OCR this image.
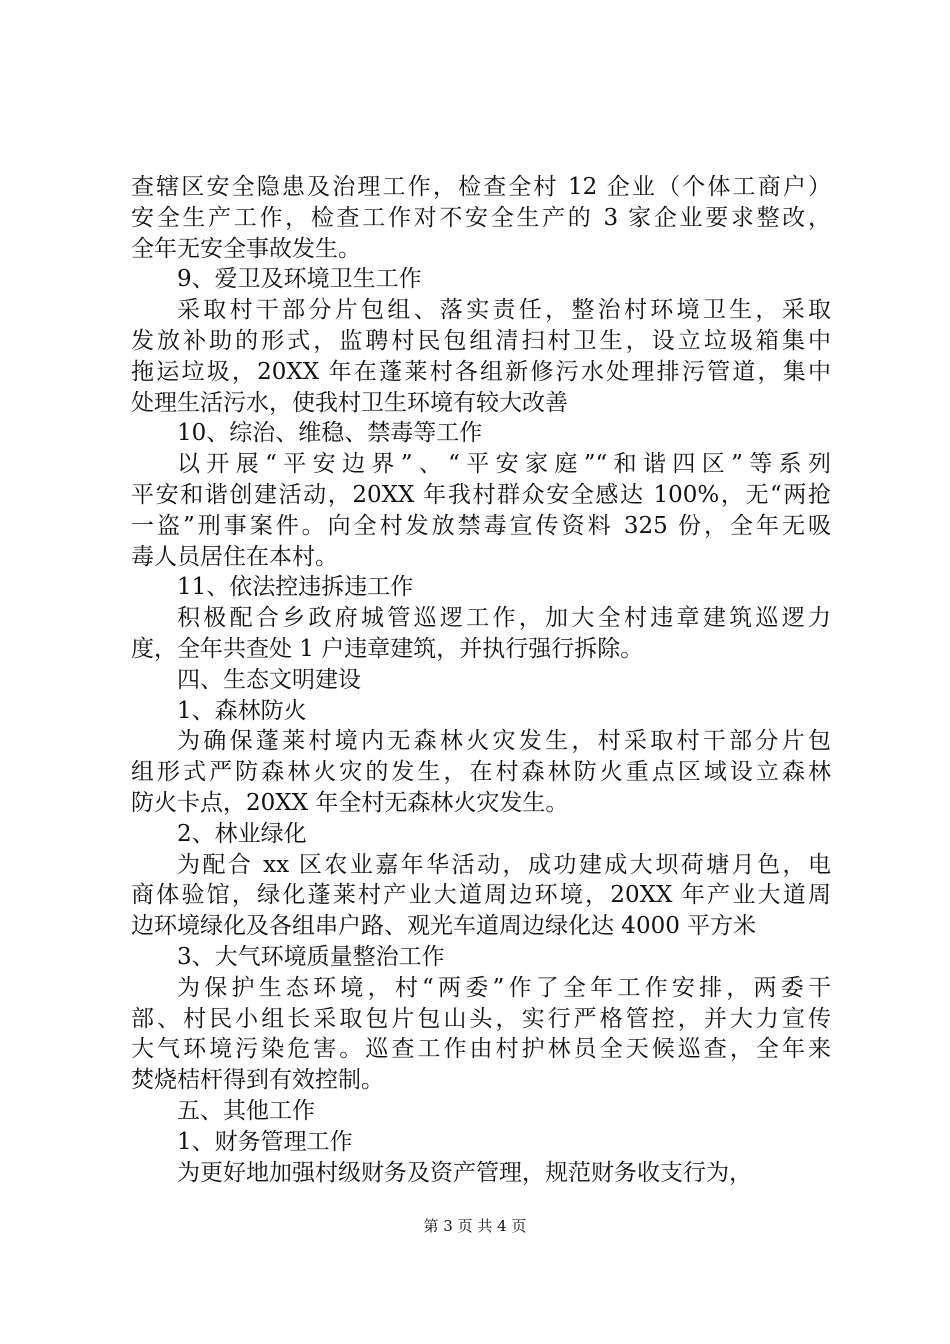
查辖区安全隐患及治理工作，检查全村 12 企业（个体工商户）
安全生产工作，检查工作对不安全生产的 3 家企业要求整改，
全年无安全事故发生。
9、爱卫及环境卫生工作
采取村干部分片包组、落实责任，整治村环境卫生，采取
发放补助的形式，监聘村民包组清扫村卫生，设立垃圾箱集中
拖运垃圾，20XX 年在蓬莱村各组新修污水处理排污管道，集中
处理生活污水，使我村卫生环境有较大改善
10、综治、维稳、禁毒等工作
以开展“平安边界”、“平安家庭”“和谐四区”等系列
平安和谐创建活动，20XX 年我村群众安全感达 100%，无“两抢
一盗”刑事案件。向全村发放禁毒宣传资料 325 份，全年无吸
毒人员居住在本村。
11、依法控违拆违工作
积极配合乡政府城管巡逻工作，加大全村违章建筑巡逻力
度，全年共查处 1 户违章建筑，并执行强行拆除。
四、生态文明建设
1、森林防火
为确保蓬莱村境内无森林火灾发生，村采取村干部分片包
组形式严防森林火灾的发生，在村森林防火重点区域设立森林
防火卡点，20XX 年全村无森林火灾发生。
2、林业绿化
为配合 xx 区农业嘉年华活动，成功建成大坝荷塘月色，电
商体验馆，绿化蓬莱村产业大道周边环境，20XX 年产业大道周
边环境绿化及各组串户路、观光车道周边绿化达 4000 平方米
3、大气环境质量整治工作
为保护生态环境，村“两委”作了全年工作安排，两委干
部、村民小组长采取包片包山头，实行严格管控，并大力宣传
大气环境污染危害。巡查工作由村护林员全天候巡查，全年来
焚烧桔杆得到有效控制。
五、其他工作
1、财务管理工作
为更好地加强村级财务及资产管理，规范财务收支行为，
第 3 页 共 4 页
